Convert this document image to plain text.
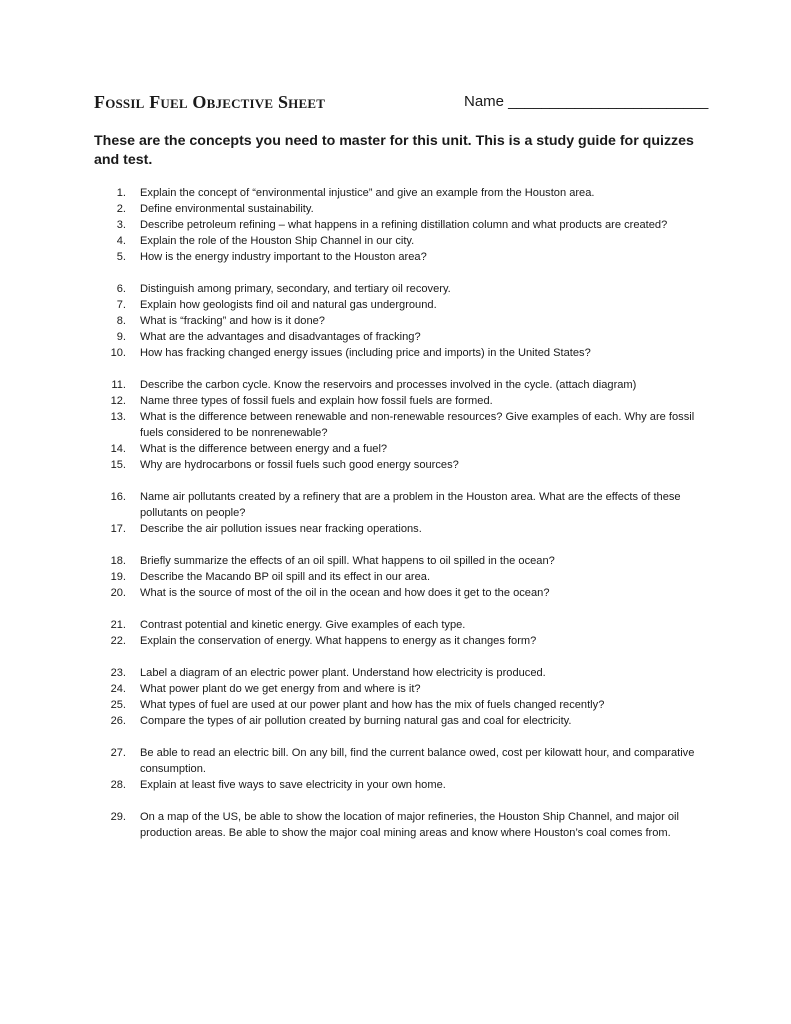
Fossil Fuel Objective Sheet	Name ________________________
These are the concepts you need to master for this unit. This is a study guide for quizzes and test.
1. Explain the concept of “environmental injustice” and give an example from the Houston area.
2. Define environmental sustainability.
3. Describe petroleum refining – what happens in a refining distillation column and what products are created?
4. Explain the role of the Houston Ship Channel in our city.
5. How is the energy industry important to the Houston area?
6. Distinguish among primary, secondary, and tertiary oil recovery.
7. Explain how geologists find oil and natural gas underground.
8. What is “fracking” and how is it done?
9. What are the advantages and disadvantages of fracking?
10. How has fracking changed energy issues (including price and imports) in the United States?
11. Describe the carbon cycle. Know the reservoirs and processes involved in the cycle. (attach diagram)
12. Name three types of fossil fuels and explain how fossil fuels are formed.
13. What is the difference between renewable and non-renewable resources? Give examples of each. Why are fossil fuels considered to be nonrenewable?
14. What is the difference between energy and a fuel?
15. Why are hydrocarbons or fossil fuels such good energy sources?
16. Name air pollutants created by a refinery that are a problem in the Houston area. What are the effects of these pollutants on people?
17. Describe the air pollution issues near fracking operations.
18. Briefly summarize the effects of an oil spill. What happens to oil spilled in the ocean?
19. Describe the Macando BP oil spill and its effect in our area.
20. What is the source of most of the oil in the ocean and how does it get to the ocean?
21. Contrast potential and kinetic energy. Give examples of each type.
22. Explain the conservation of energy. What happens to energy as it changes form?
23. Label a diagram of an electric power plant. Understand how electricity is produced.
24. What power plant do we get energy from and where is it?
25. What types of fuel are used at our power plant and how has the mix of fuels changed recently?
26. Compare the types of air pollution created by burning natural gas and coal for electricity.
27. Be able to read an electric bill. On any bill, find the current balance owed, cost per kilowatt hour, and comparative consumption.
28. Explain at least five ways to save electricity in your own home.
29. On a map of the US, be able to show the location of major refineries, the Houston Ship Channel, and major oil production areas. Be able to show the major coal mining areas and know where Houston’s coal comes from.
